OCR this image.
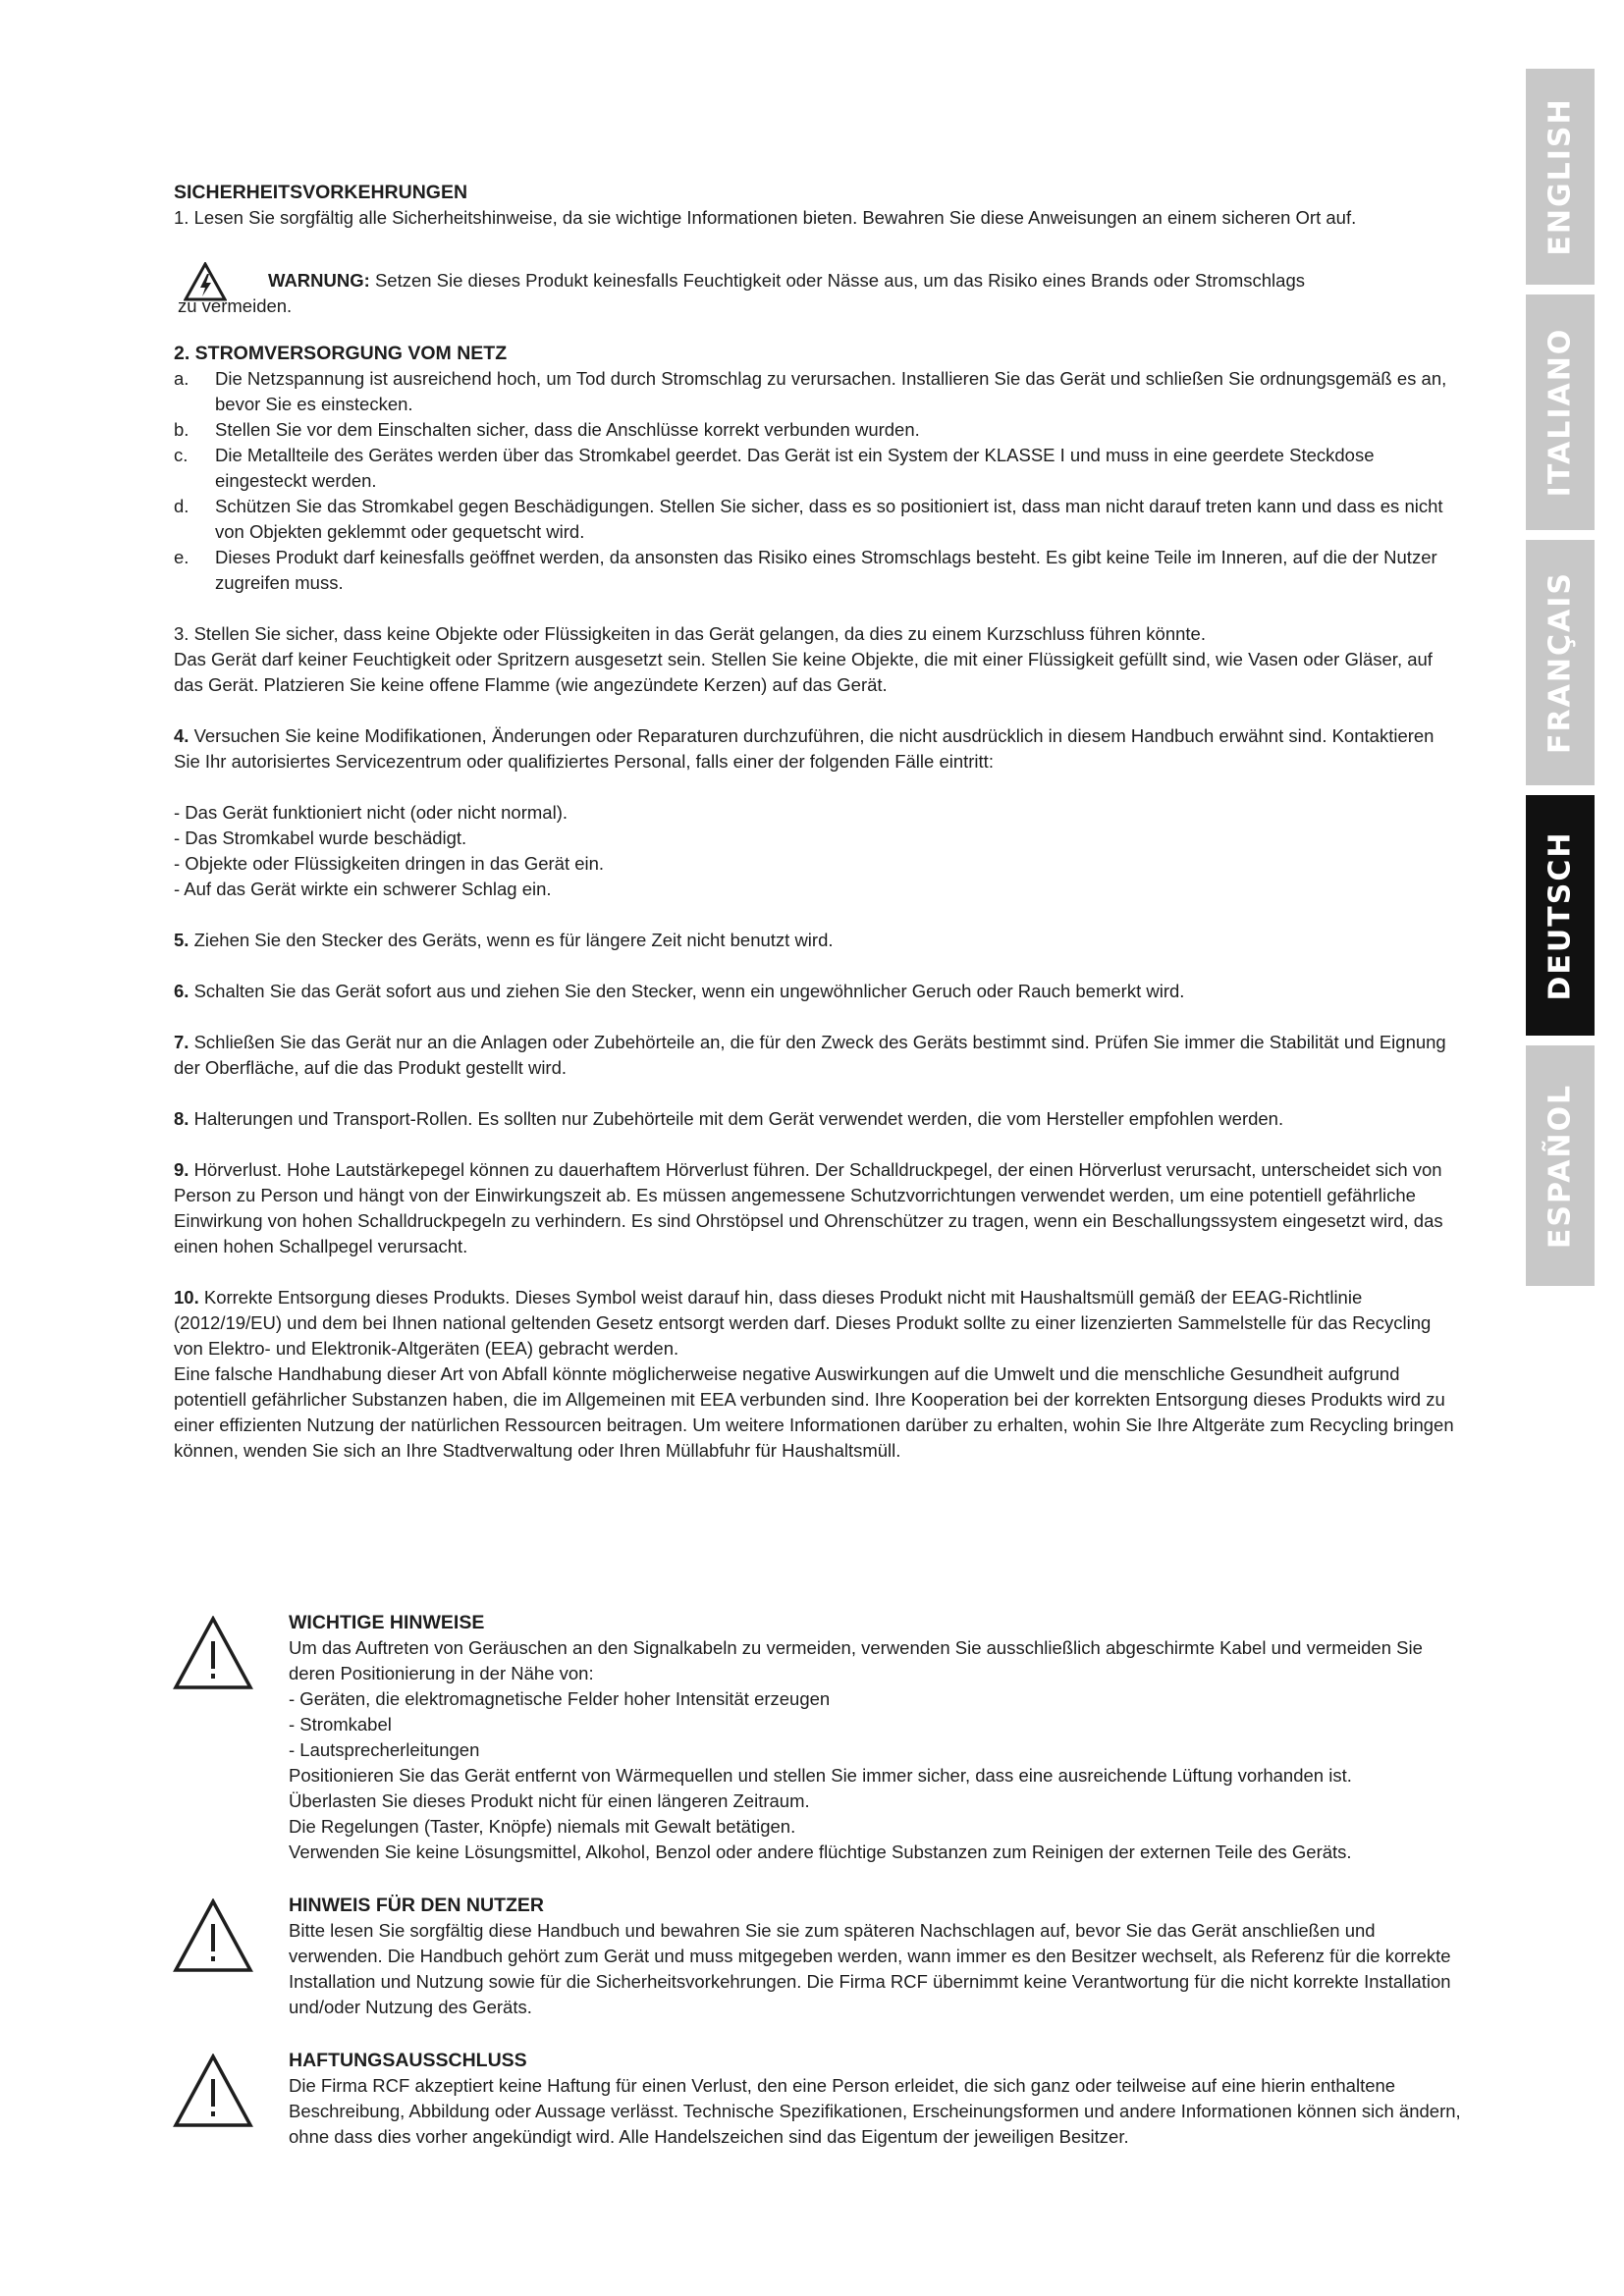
ENGLISH
ITALIANO
FRANÇAIS
DEUTSCH
ESPAÑOL
SICHERHEITSVORKEHRUNGEN

1. Lesen Sie sorgfältig alle Sicherheitshinweise, da sie wichtige Informationen bieten. Bewahren Sie diese Anweisungen an einem sicheren Ort auf.

WARNUNG: Setzen Sie dieses Produkt keinesfalls Feuchtigkeit oder Nässe aus, um das Risiko eines Brands oder Stromschlags

zu vermeiden.

2. STROMVERSORGUNG VOM NETZ
a.	Die Netzspannung ist ausreichend hoch, um Tod durch Stromschlag zu verursachen. Installieren Sie das Gerät und schließen Sie ordnungsgemäß es an, bevor Sie es einstecken.
b.	Stellen Sie vor dem Einschalten sicher, dass die Anschlüsse korrekt verbunden wurden.
c.	Die Metallteile des Gerätes werden über das Stromkabel geerdet. Das Gerät ist ein System der KLASSE I und muss in eine geerdete Steckdose eingesteckt werden.
d.	Schützen Sie das Stromkabel gegen Beschädigungen. Stellen Sie sicher, dass es so positioniert ist, dass man nicht darauf treten kann und dass es nicht von Objekten geklemmt oder gequetscht wird.
e.	Dieses Produkt darf keinesfalls geöffnet werden, da ansonsten das Risiko eines Stromschlags besteht. Es gibt keine Teile im Inneren, auf die der Nutzer zugreifen muss.

3. Stellen Sie sicher, dass keine Objekte oder Flüssigkeiten in das Gerät gelangen, da dies zu einem Kurzschluss führen könnte.

Das Gerät darf keiner Feuchtigkeit oder Spritzern ausgesetzt sein. Stellen Sie keine Objekte, die mit einer Flüssigkeit gefüllt sind, wie Vasen oder Gläser, auf das Gerät. Platzieren Sie keine offene Flamme (wie angezündete Kerzen) auf das Gerät.

4. Versuchen Sie keine Modifikationen, Änderungen oder Reparaturen durchzuführen, die nicht ausdrücklich in diesem Handbuch erwähnt sind. Kontaktieren Sie Ihr autorisiertes Servicezentrum oder qualifiziertes Personal, falls einer der folgenden Fälle eintritt:

- Das Gerät funktioniert nicht (oder nicht normal).

- Das Stromkabel wurde beschädigt.

- Objekte oder Flüssigkeiten dringen in das Gerät ein.

- Auf das Gerät wirkte ein schwerer Schlag ein.

5. Ziehen Sie den Stecker des Geräts, wenn es für längere Zeit nicht benutzt wird.

6. Schalten Sie das Gerät sofort aus und ziehen Sie den Stecker, wenn ein ungewöhnlicher Geruch oder Rauch bemerkt wird.

7. Schließen Sie das Gerät nur an die Anlagen oder Zubehörteile an, die für den Zweck des Geräts bestimmt sind. Prüfen Sie immer die Stabilität und Eignung der Oberfläche, auf die das Produkt gestellt wird.

8. Halterungen und Transport-Rollen. Es sollten nur Zubehörteile mit dem Gerät verwendet werden, die vom Hersteller empfohlen werden.

9. Hörverlust. Hohe Lautstärkepegel können zu dauerhaftem Hörverlust führen. Der Schalldruckpegel, der einen Hörverlust verursacht, unterscheidet sich von Person zu Person und hängt von der Einwirkungszeit ab. Es müssen angemessene Schutzvorrichtungen verwendet werden, um eine potentiell gefährliche Einwirkung von hohen Schalldruckpegeln zu verhindern. Es sind Ohrstöpsel und Ohrenschützer zu tragen, wenn ein Beschallungssystem eingesetzt wird, das einen hohen Schallpegel verursacht.

10. Korrekte Entsorgung dieses Produkts. Dieses Symbol weist darauf hin, dass dieses Produkt nicht mit Haushaltsmüll gemäß der EEAG-Richtlinie (2012/19/EU) und dem bei Ihnen national geltenden Gesetz entsorgt werden darf. Dieses Produkt sollte zu einer lizenzierten Sammelstelle für das Recycling von Elektro- und Elektronik-Altgeräten (EEA) gebracht werden.

Eine falsche Handhabung dieser Art von Abfall könnte möglicherweise negative Auswirkungen auf die Umwelt und die menschliche Gesundheit aufgrund potentiell gefährlicher Substanzen haben, die im Allgemeinen mit EEA verbunden sind. Ihre Kooperation bei der korrekten Entsorgung dieses Produkts wird zu einer effizienten Nutzung der natürlichen Ressourcen beitragen. Um weitere Informationen darüber zu erhalten, wohin Sie Ihre Altgeräte zum Recycling bringen können, wenden Sie sich an Ihre Stadtverwaltung oder Ihren Müllabfuhr für Haushaltsmüll.

WICHTIGE HINWEISE

Um das Auftreten von Geräuschen an den Signalkabeln zu vermeiden, verwenden Sie ausschließlich abgeschirmte Kabel und vermeiden Sie deren Positionierung in der Nähe von:

- Geräten, die elektromagnetische Felder hoher Intensität erzeugen

- Stromkabel

- Lautsprecherleitungen

Positionieren Sie das Gerät entfernt von Wärmequellen und stellen Sie immer sicher, dass eine ausreichende Lüftung vorhanden ist.

Überlasten Sie dieses Produkt nicht für einen längeren Zeitraum.

Die Regelungen (Taster, Knöpfe) niemals mit Gewalt betätigen.

Verwenden Sie keine Lösungsmittel, Alkohol, Benzol oder andere flüchtige Substanzen zum Reinigen der externen Teile des Geräts.

HINWEIS FÜR DEN NUTZER

Bitte lesen Sie sorgfältig diese Handbuch und bewahren Sie sie zum späteren Nachschlagen auf, bevor Sie das Gerät anschließen und verwenden. Die Handbuch gehört zum Gerät und muss mitgegeben werden, wann immer es den Besitzer wechselt, als Referenz für die korrekte Installation und Nutzung sowie für die Sicherheitsvorkehrungen. Die Firma RCF übernimmt keine Verantwortung für die nicht korrekte Installation und/oder Nutzung des Geräts.

HAFTUNGSAUSSCHLUSS

Die Firma RCF akzeptiert keine Haftung für einen Verlust, den eine Person erleidet, die sich ganz oder teilweise auf eine hierin enthaltene Beschreibung, Abbildung oder Aussage verlässt. Technische Spezifikationen, Erscheinungsformen und andere Informationen können sich ändern, ohne dass dies vorher angekündigt wird. Alle Handelszeichen sind das Eigentum der jeweiligen Besitzer.
